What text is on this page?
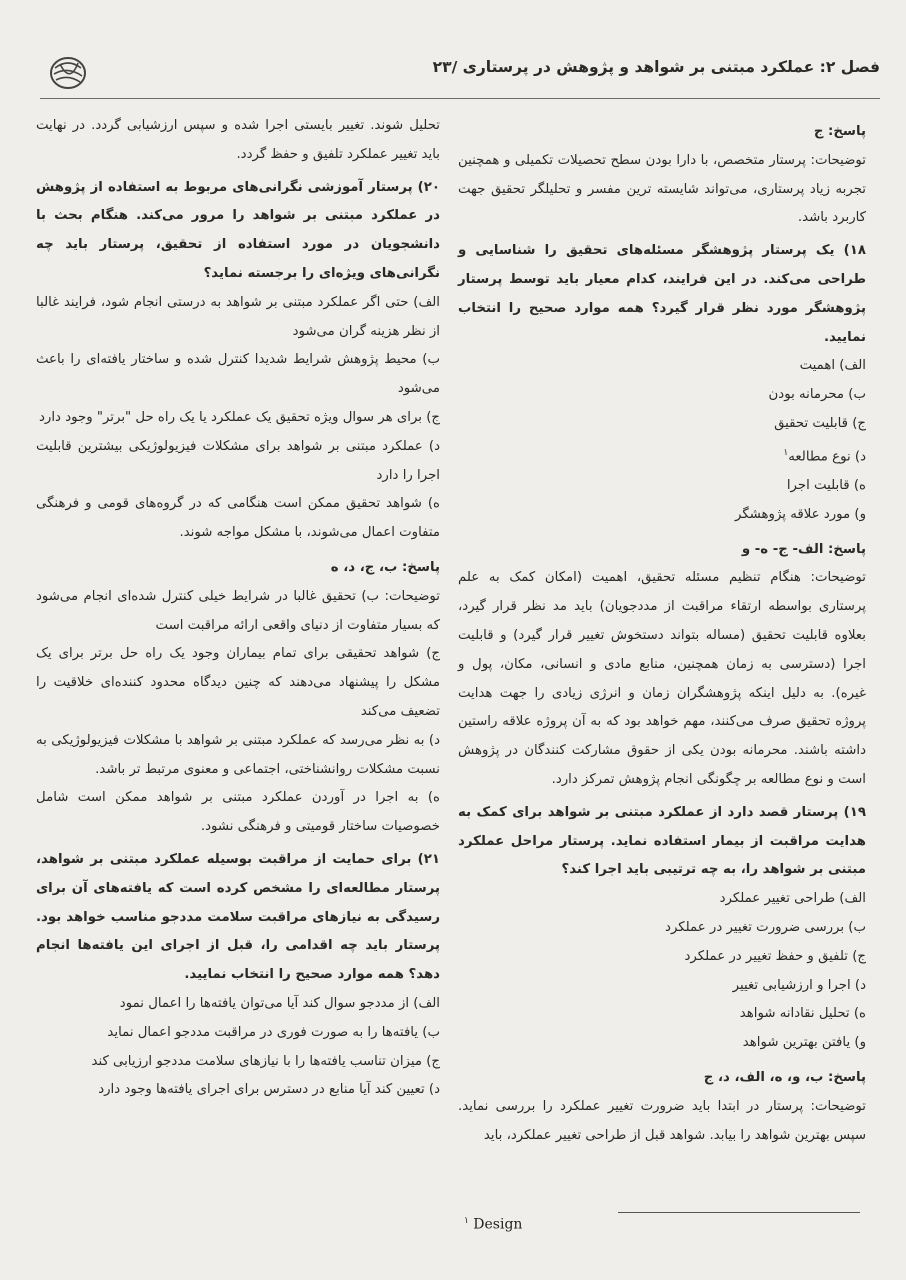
فصل ۲: عملکرد مبتنی بر شواهد و پژوهش در پرستاری /۲۳

پاسخ: ج

توضیحات: پرستار متخصص، با دارا بودن سطح تحصیلات تکمیلی و همچنین تجربه زیاد پرستاری، می‌تواند شایسته ترین مفسر و تحلیلگر تحقیق جهت کاربرد باشد.

۱۸) یک پرستار پژوهشگر مسئله‌های تحقیق را شناسایی و طراحی می‌کند. در این فرایند، کدام معیار باید توسط پرستار پژوهشگر مورد نظر قرار گیرد؟ همه موارد صحیح را انتخاب نمایید.

الف) اهمیت

ب) محرمانه بودن

ج) قابلیت تحقیق

د) نوع مطالعه$^۱$

ه) قابلیت اجرا

و) مورد علاقه پژوهشگر

پاسخ: الف- ج- ه- و

توضیحات: هنگام تنظیم مسئله تحقیق، اهمیت (امکان کمک به علم پرستاری بواسطه ارتقاء مراقبت از مددجویان) باید مد نظر قرار گیرد، بعلاوه قابلیت تحقیق (مساله بتواند دستخوش تغییر قرار گیرد) و قابلیت اجرا (دسترسی به زمان همچنین، منابع مادی و انسانی، مکان، پول و غیره). به دلیل اینکه پژوهشگران زمان و انرژی زیادی را جهت هدایت پروژه تحقیق صرف می‌کنند، مهم خواهد بود که به آن پروژه علاقه راستین داشته باشند. محرمانه بودن یکی از حقوق مشارکت کنندگان در پژوهش است و نوع مطالعه بر چگونگی انجام پژوهش تمرکز دارد.

۱۹) پرستار قصد دارد از عملکرد مبتنی بر شواهد برای کمک به هدایت مراقبت از بیمار استفاده نماید. پرستار مراحل عملکرد مبتنی بر شواهد را، به چه ترتیبی باید اجرا کند؟

الف) طراحی تغییر عملکرد

ب) بررسی ضرورت تغییر در عملکرد

ج) تلفیق و حفظ تغییر در عملکرد

د) اجرا و ارزشیابی تغییر

ه) تحلیل نقادانه شواهد

و) یافتن بهترین شواهد

پاسخ: ب، و، ه، الف، د، ج

توضیحات: پرستار در ابتدا باید ضرورت تغییر عملکرد را بررسی نماید. سپس بهترین شواهد را بیابد. شواهد قبل از طراحی تغییر عملکرد، باید

تحلیل شوند. تغییر بایستی اجرا شده و سپس ارزشیابی گردد. در نهایت باید تغییر عملکرد تلفیق و حفظ گردد.

۲۰) پرستار آموزشی نگرانی‌های مربوط به استفاده از پژوهش در عملکرد مبتنی بر شواهد را مرور می‌کند. هنگام بحث با دانشجویان در مورد استفاده از تحقیق، پرستار باید چه نگرانی‌های ویژه‌ای را برجسته نماید؟

الف) حتی اگر عملکرد مبتنی بر شواهد به درستی انجام شود، فرایند غالبا از نظر هزینه گران می‌شود

ب) محیط پژوهش شرایط شدیدا کنترل شده و ساختار یافته‌ای را باعث می‌شود

ج) برای هر سوال ویژه تحقیق یک عملکرد یا یک راه حل "برتر" وجود دارد

د) عملکرد مبتنی بر شواهد برای مشکلات فیزیولوژیکی بیشترین قابلیت اجرا را دارد

ه) شواهد تحقیق ممکن است هنگامی که در گروه‌های قومی و فرهنگی متفاوت اعمال می‌شوند، با مشکل مواجه شوند.

پاسخ: ب، ج، د، ه

توضیحات: ب) تحقیق غالبا در شرایط خیلی کنترل شده‌ای انجام می‌شود که بسیار متفاوت از دنیای واقعی ارائه مراقبت است

ج) شواهد تحقیقی برای تمام بیماران وجود یک راه حل برتر برای یک مشکل را پیشنهاد می‌دهند که چنین دیدگاه محدود کننده‌ای خلاقیت را تضعیف می‌کند

د) به نظر می‌رسد که عملکرد مبتنی بر شواهد با مشکلات فیزیولوژیکی به نسبت مشکلات روانشناختی، اجتماعی و معنوی مرتبط تر باشد.

ه) به اجرا در آوردن عملکرد مبتنی بر شواهد ممکن است شامل خصوصیات ساختار قومیتی و فرهنگی نشود.

۲۱) برای حمایت از مراقبت بوسیله عملکرد مبتنی بر شواهد، پرستار مطالعه‌ای را مشخص کرده است که یافته‌های آن برای رسیدگی به نیازهای مراقبت سلامت مددجو مناسب خواهد بود. پرستار باید چه اقدامی را، قبل از اجرای این یافته‌ها انجام دهد؟ همه موارد صحیح را انتخاب نمایید.

الف) از مددجو سوال کند آیا می‌توان یافته‌ها را اعمال نمود

ب) یافته‌ها را به صورت فوری در مراقبت مددجو اعمال نماید

ج) میزان تناسب یافته‌ها را با نیازهای سلامت مددجو ارزیابی کند

د) تعیین کند آیا منابع در دسترس برای اجرای یافته‌ها وجود دارد

$^۱$ Design
